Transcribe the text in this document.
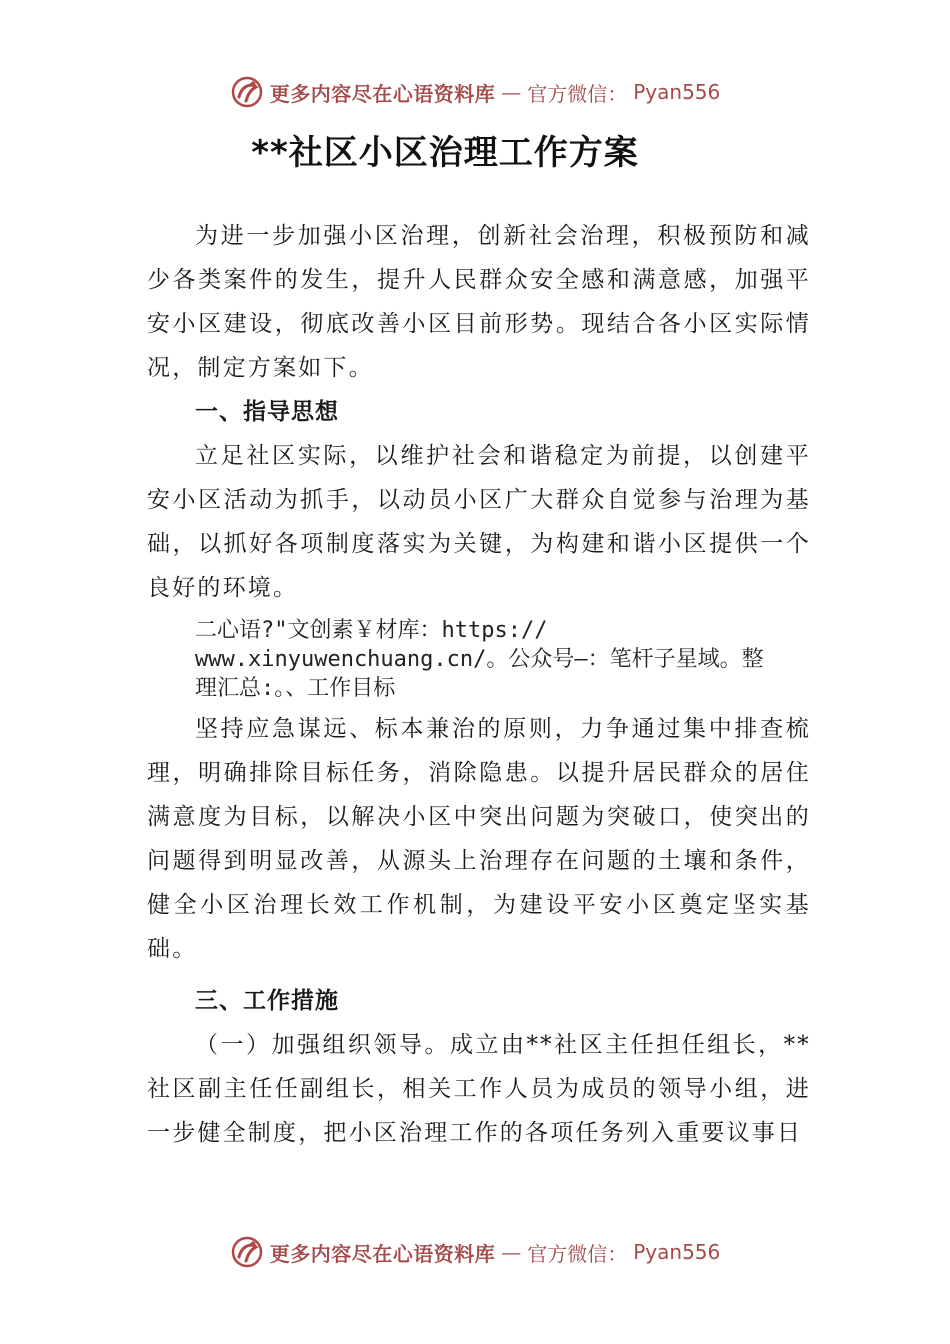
更多内容尽在心语资料库 — 官方微信： Pyan556
**社区小区治理工作方案

为进一步加强小区治理，创新社会治理，积极预防和减少各类案件的发生，提升人民群众安全感和满意感，加强平安小区建设，彻底改善小区目前形势。现结合各小区实际情况，制定方案如下。

一、指导思想

立足社区实际，以维护社会和谐稳定为前提，以创建平安小区活动为抓手，以动员小区广大群众自觉参与治理为基础，以抓好各项制度落实为关键，为构建和谐小区提供一个良好的环境。

二心语?"文创素￥材库：https://
www.xinyuwenchuang.cn/。公众号—：笔杆子星域。整
理汇总:。、工作目标

坚持应急谋远、标本兼治的原则，力争通过集中排查梳理，明确排除目标任务，消除隐患。以提升居民群众的居住满意度为目标，以解决小区中突出问题为突破口，使突出的问题得到明显改善，从源头上治理存在问题的土壤和条件，健全小区治理长效工作机制，为建设平安小区奠定坚实基础。

三、工作措施

（一）加强组织领导。成立由**社区主任担任组长，**社区副主任任副组长，相关工作人员为成员的领导小组，进一步健全制度，把小区治理工作的各项任务列入重要议事日

更多内容尽在心语资料库 — 官方微信： Pyan556
